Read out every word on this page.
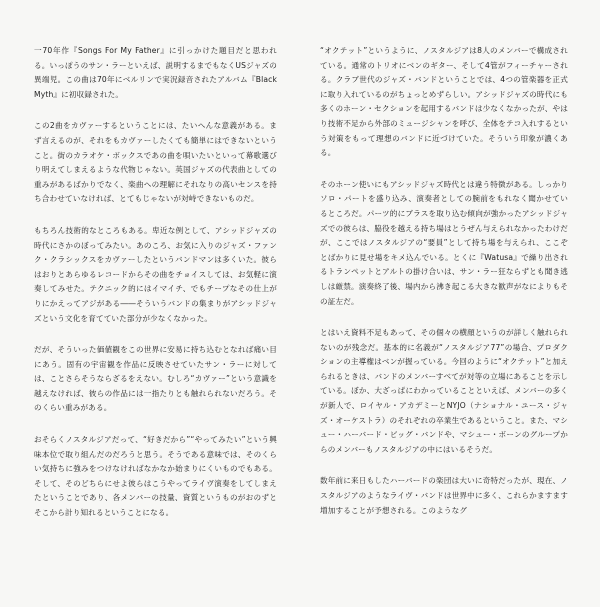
一70年作『Songs For My Father』に引っかけた題目だと思われる。いっぽうのサン・ラーといえば、説明するまでもなくUSジャズの異端児。この曲は70年にベルリンで実況録音されたアルバム『Black Myth』に初収録された。

この2曲をカヴァーするということには、たいへんな意義がある。まず言えるのが、それをもカヴァーしたくても簡単にはできないということ。街のカラオケ・ボックスであの曲を唄いたいといって幕歌選びり明えてしまえるような代物じゃない。英国ジャズの代表曲としての重みがあるばかりでなく、楽曲への理解にそれなりの高いセンスを持ち合わせていなければ、とてもじゃないが対峙できないものだ。

もちろん技術的なところもある。卑近な例として、アシッドジャズの時代にさかのぼってみたい。あのころ、お気に入りのジャズ・ファンク・クラシックスをカヴァーしたというバンドマンは多くいた。彼らはおりとあらゆるレコードからその曲をチョイスしては、お気軽に演奏してみせた。テクニック的にはイマイチ、でもチープなその仕上がりにかえってアジがある――そういうバンドの集まりがアシッドジャズという文化を育てていた部分が少なくなかった。

だが、そういった価値観をこの世界に安易に持ち込むとなれば痛い目にあう。固有の宇宙観を作品に反映させていたサン・ラーに対しては、ことさらそうならざるをえない。むしろ“カヴァー”という意識を越えなければ、彼らの作品には一指たりとも触れられないだろう。そのくらい重みがある。

おそらくノスタルジアだって、“好きだから”“やってみたい”という興味本位で取り組んだのだろうと思う。そうである意味では、そのくらい気持ちに強みをつけなければなかなか始まりにくいものでもある。そして、そのどちらにせよ彼らはこうやってライヴ演奏をしてしまえたということであり、各メンバーの技量、資質というものがおのずとそこから計り知れるということになる。

“オクテット”というように、ノスタルジアは8人のメンバーで構成されている。通常のトリオにベンのギター、そして4管がフィーチャーされる。クラブ世代のジャズ・バンドということでは、4つの管楽器を正式に取り入れているのがちょっとめずらしい。アシッドジャズの時代にも多くのホーン・セクションを起用するバンドは少なくなかったが、やはり技術不足から外部のミュージシャンを呼び、全体をテコ入れするという対策をもって理想のバンドに近づけていた。そういう印象が濃くある。

そのホーン使いにもアシッドジャズ時代とは違う特徴がある。しっかりソロ・パートを盛り込み、演奏者としての腕前をもれなく聞かせているところだ。パーツ的にブラスを取り込む傾向が強かったアシッドジャズでの彼らは、脇役を越える持ち場はとうぜん与えられなかったわけだが、ここではノスタルジアの“要員”として持ち場を与えられ、ここぞとばかりに見せ場をキメ込んでいる。とくに『Watusa』で繰り出されるトランペットとアルトの掛け合いは、サン・ラー狂ならずとも聞き逃しは厳禁。演奏終了後、場内から沸き起こる大きな歓声がなによりもその証左だ。

とはいえ資料不足もあって、その個々の横顔というのが詳しく触れられないのが残念だ。基本的に名義が“ノスタルジア77”の場合、プロダクションの主導権はベンが握っている。今回のように“オクテット”と加えられるときは、バンドのメンバーすべてが対等の立場にあることを示している。ぼか、大ざっぱにわかっていることといえば、メンバーの多くが新人で、ロイヤル・アカデミーとNYJO（ナショナル・ユース・ジャズ・オーケストラ）のそれぞれの卒業生であるということ。また、マシュー・ハーバード・ビッグ・バンドや、マシュー・ボーンのグループからのメンバーもノスタルジアの中にはいるそうだ。

数年前に来日もしたハーバードの楽団は大いに奇特だったが、現在、ノスタルジアのようなライヴ・バンドは世界中に多く、これらかますます増加することが予想される。このようなグ
